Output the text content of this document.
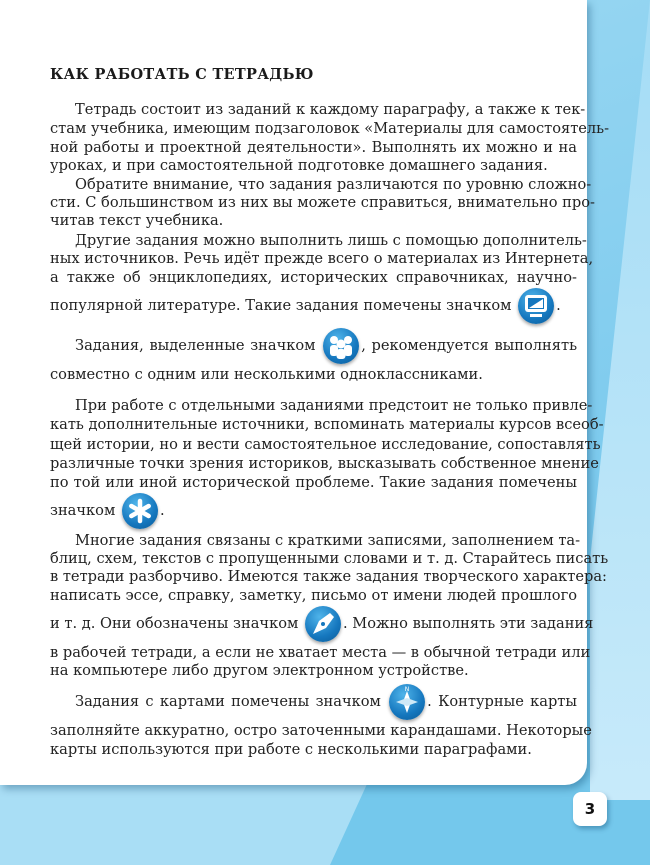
КАК РАБОТАТЬ С ТЕТРАДЬЮ
Тетрадь состоит из заданий к каждому параграфу, а также к тек-
стам учебника, имеющим подзаголовок «Материалы для самостоятель-
ной работы и проектной деятельности». Выполнять их можно и на
уроках, и при самостоятельной подготовке домашнего задания.
Обратите внимание, что задания различаются по уровню сложно-
сти. С большинством из них вы можете справиться, внимательно про-
читав текст учебника.
Другие задания можно выполнить лишь с помощью дополнитель-
ных источников. Речь идёт прежде всего о материалах из Интернета,
а также об энциклопедиях, исторических справочниках, научно-
популярной литературе. Такие задания помечены значком	.
Задания, выделенные значком	, рекомендуется выполнять
совместно с одним или несколькими одноклассниками.
При работе с отдельными заданиями предстоит не только привле-
кать дополнительные источники, вспоминать материалы курсов всеоб-
щей истории, но и вести самостоятельное исследование, сопоставлять
различные точки зрения историков, высказывать собственное мнение
по той или иной исторической проблеме. Такие задания помечены
значком	.
Многие задания связаны с краткими записями, заполнением та-
блиц, схем, текстов с пропущенными словами и т. д. Старайтесь писать
в тетради разборчиво. Имеются также задания творческого характера:
написать эссе, справку, заметку, письмо от имени людей прошлого
и т. д. Они обозначены значком	. Можно выполнять эти задания
в рабочей тетради, а если не хватает места — в обычной тетради или
на компьютере либо другом электронном устройстве.
Задания с картами помечены значком
N
. Контурные карты
заполняйте аккуратно, остро заточенными карандашами. Некоторые
карты используются при работе с несколькими параграфами.
3
